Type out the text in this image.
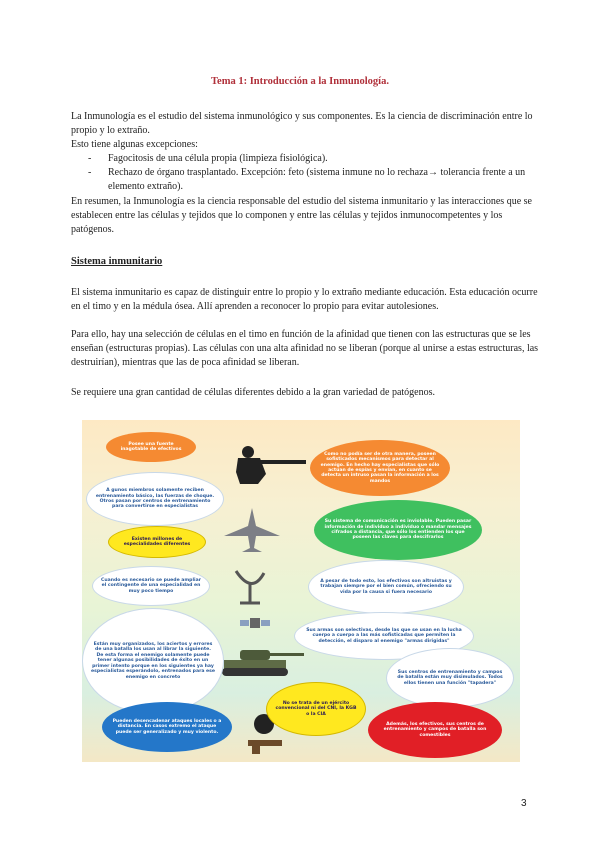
Tema 1: Introducción a la Inmunología.

La Inmunología es el estudio del sistema inmunológico y sus componentes. Es la ciencia de discriminación entre lo propio y lo extraño.

Esto tiene algunas excepciones:

- Fagocitosis de una célula propia (limpieza fisiológica).
- Rechazo de órgano trasplantado. Excepción: feto (sistema inmune no lo rechaza→ tolerancia frente a un elemento extraño).

En resumen, la Inmunología es la ciencia responsable del estudio del sistema inmunitario y las interacciones que se establecen entre las células y tejidos que lo componen y entre las células y tejidos inmunocompetentes y los patógenos.

Sistema inmunitario

El sistema inmunitario es capaz de distinguir entre lo propio y lo extraño mediante educación. Esta educación ocurre en el timo y en la médula ósea. Allí aprenden a reconocer lo propio para evitar autolesiones.

Para ello, hay una selección de células en el timo en función de la afinidad que tienen con las estructuras que se les enseñan (estructuras propias). Las células con una alta afinidad no se liberan (porque al unirse a estas estructuras, las destruirían), mientras que las de poca afinidad se liberan.

Se requiere una gran cantidad de células diferentes debido a la gran variedad de patógenos.

Posee una fuente inagotable de efectivos
A gunos miembros solamente reciben entrenamiento básico, las fuerzas de choque. Otros pasan por centros de entrenamiento para convertirse en especialistas
Existen millones de especialidades diferentes
Cuando es necesario se puede ampliar el contingente de una especialidad en muy poco tiempo
Están muy organizados, los aciertos y errores de una batalla los usan al librar la siguiente. De esta forma el enemigo solamente puede tener algunas posibilidades de éxito en un primer intento porque en los siguientes ya hay especialistas esperándolo, entrenados para ese enemigo en concreto
Pueden desencadenar ataques locales o a distancia. En casos extremo el ataque puede ser generalizado y muy violento.
Como no podía ser de otra manera, poseen sofisticados mecanismos para detectar al enemigo. En hecho hay especialistas que sólo actúan de espías y envían, en cuanto se detecta un intruso pasan la información a los mandos
Su sistema de comunicación es inviolable. Pueden pasar información de individuo a individuo o mandar mensajes cifrados a distancia, que sólo los entienden los que poseen las claves para descifrarlos
A pesar de todo esto, los efectivos son altruistas y trabajan siempre por el bien común, ofreciendo su vida por la causa si fuera necesario
Sus armas son selectivas, desde las que se usan en la lucha cuerpo a cuerpo a las más sofisticadas que permiten la detección, el disparo al enemigo "armas dirigidas"
Sus centros de entrenamiento y campos de batalla están muy disimulados. Todos ellos tienen una función "tapadera"
No se trata de un ejército convencional ni del CNI, la KGB o la CIA
Además, los efectivos, sus centros de entrenamiento y campos de batalla son comestibles
3
